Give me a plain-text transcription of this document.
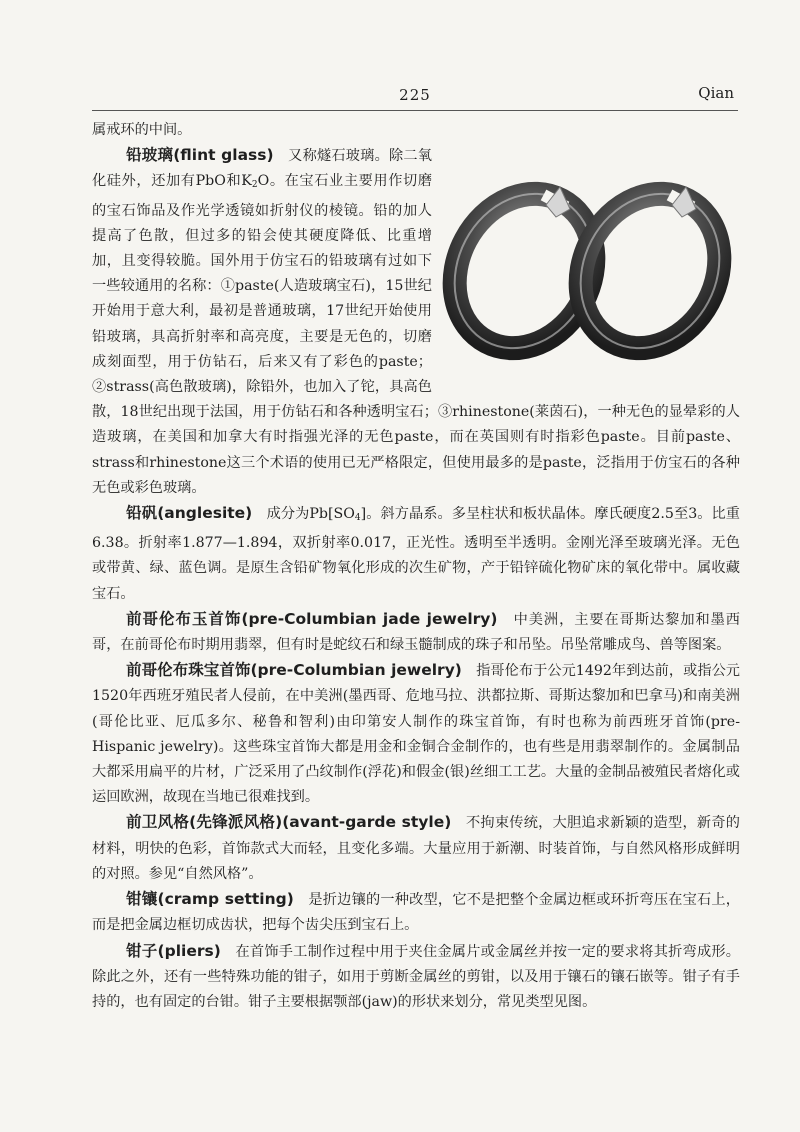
225	Qian

属戒环的中间。

铅玻璃(flint glass)　又称燧石玻璃。除二氧化硅外，还加有PbO和$K_2O$。在宝石业主要用作切磨的宝石饰品及作光学透镜如折射仪的棱镜。铅的加人提高了色散，但过多的铅会使其硬度降低、比重增加，且变得较脆。国外用于仿宝石的铅玻璃有过如下一些较通用的名称：①paste(人造玻璃宝石)，15世纪开始用于意大利，最初是普通玻璃，17世纪开始使用铅玻璃，具高折射率和高亮度，主要是无色的，切磨成刻面型，用于仿钻石，后来又有了彩色的paste；②strass(高色散玻璃)，除铅外，也加入了铊，具高色散，18世纪出现于法国，用于仿钻石和各种透明宝石；③rhinestone(莱茵石)，一种无色的显晕彩的人造玻璃，在美国和加拿大有时指强光泽的无色paste，而在英国则有时指彩色paste。目前paste、strass和rhinestone这三个术语的使用已无严格限定，但使用最多的是paste，泛指用于仿宝石的各种无色或彩色玻璃。

铅矾(anglesite)　成分为$Pb[SO_4]$。斜方晶系。多呈柱状和板状晶体。摩氏硬度2.5至3。比重6.38。折射率1.877—1.894，双折射率0.017，正光性。透明至半透明。金刚光泽至玻璃光泽。无色或带黄、绿、蓝色调。是原生含铅矿物氧化形成的次生矿物，产于铅锌硫化物矿床的氧化带中。属收藏宝石。

前哥伦布玉首饰(pre-Columbian jade jewelry)　中美洲，主要在哥斯达黎加和墨西哥，在前哥伦布时期用翡翠，但有时是蛇纹石和绿玉髓制成的珠子和吊坠。吊坠常雕成鸟、兽等图案。

前哥伦布珠宝首饰(pre-Columbian jewelry)　指哥伦布于公元1492年到达前，或指公元1520年西班牙殖民者人侵前，在中美洲(墨西哥、危地马拉、洪都拉斯、哥斯达黎加和巴拿马)和南美洲(哥伦比亚、厄瓜多尔、秘鲁和智利)由印第安人制作的珠宝首饰，有时也称为前西班牙首饰(pre-Hispanic jewelry)。这些珠宝首饰大都是用金和金铜合金制作的，也有些是用翡翠制作的。金属制品大都采用扁平的片材，广泛采用了凸纹制作(浮花)和假金(银)丝细工工艺。大量的金制品被殖民者熔化或运回欧洲，故现在当地已很难找到。

前卫风格(先锋派风格)(avant-garde style)　不拘束传统，大胆追求新颖的造型，新奇的材料，明快的色彩，首饰款式大而轻，且变化多端。大量应用于新潮、时装首饰，与自然风格形成鲜明的对照。参见“自然风格”。

钳镶(cramp setting)　是折边镶的一种改型，它不是把整个金属边框或环折弯压在宝石上，而是把金属边框切成齿状，把每个齿尖压到宝石上。

钳子(pliers)　在首饰手工制作过程中用于夹住金属片或金属丝并按一定的要求将其折弯成形。除此之外，还有一些特殊功能的钳子，如用于剪断金属丝的剪钳，以及用于镶石的镶石嵌等。钳子有手持的，也有固定的台钳。钳子主要根据颚部(jaw)的形状来划分，常见类型见图。
